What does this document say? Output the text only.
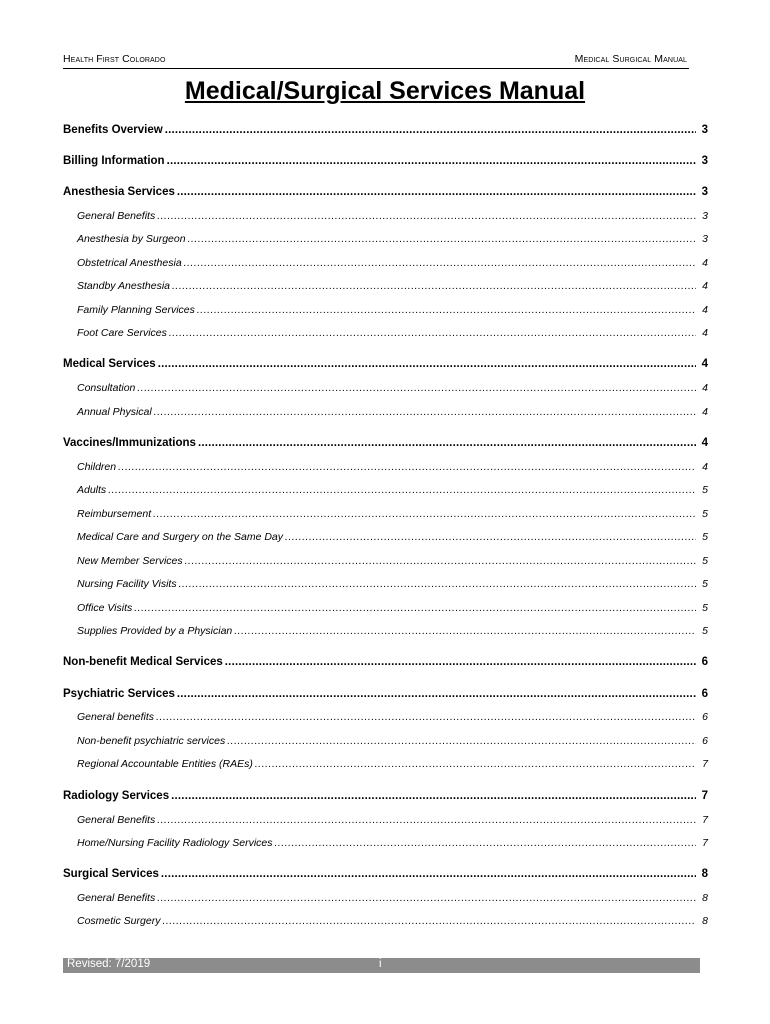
Health First Colorado	Medical Surgical Manual
Medical/Surgical Services Manual
Benefits Overview .....	3
Billing Information .....	3
Anesthesia Services .....	3
General Benefits .....	3
Anesthesia by Surgeon .....	3
Obstetrical Anesthesia .....	4
Standby Anesthesia .....	4
Family Planning Services .....	4
Foot Care Services .....	4
Medical Services .....	4
Consultation .....	4
Annual Physical .....	4
Vaccines/Immunizations .....	4
Children .....	4
Adults .....	5
Reimbursement .....	5
Medical Care and Surgery on the Same Day .....	5
New Member Services .....	5
Nursing Facility Visits .....	5
Office Visits .....	5
Supplies Provided by a Physician .....	5
Non-benefit Medical Services .....	6
Psychiatric Services .....	6
General benefits .....	6
Non-benefit psychiatric services .....	6
Regional Accountable Entities (RAEs) .....	7
Radiology Services .....	7
General Benefits .....	7
Home/Nursing Facility Radiology Services .....	7
Surgical Services .....	8
General Benefits .....	8
Cosmetic Surgery .....	8
Revised: 7/2019	i
